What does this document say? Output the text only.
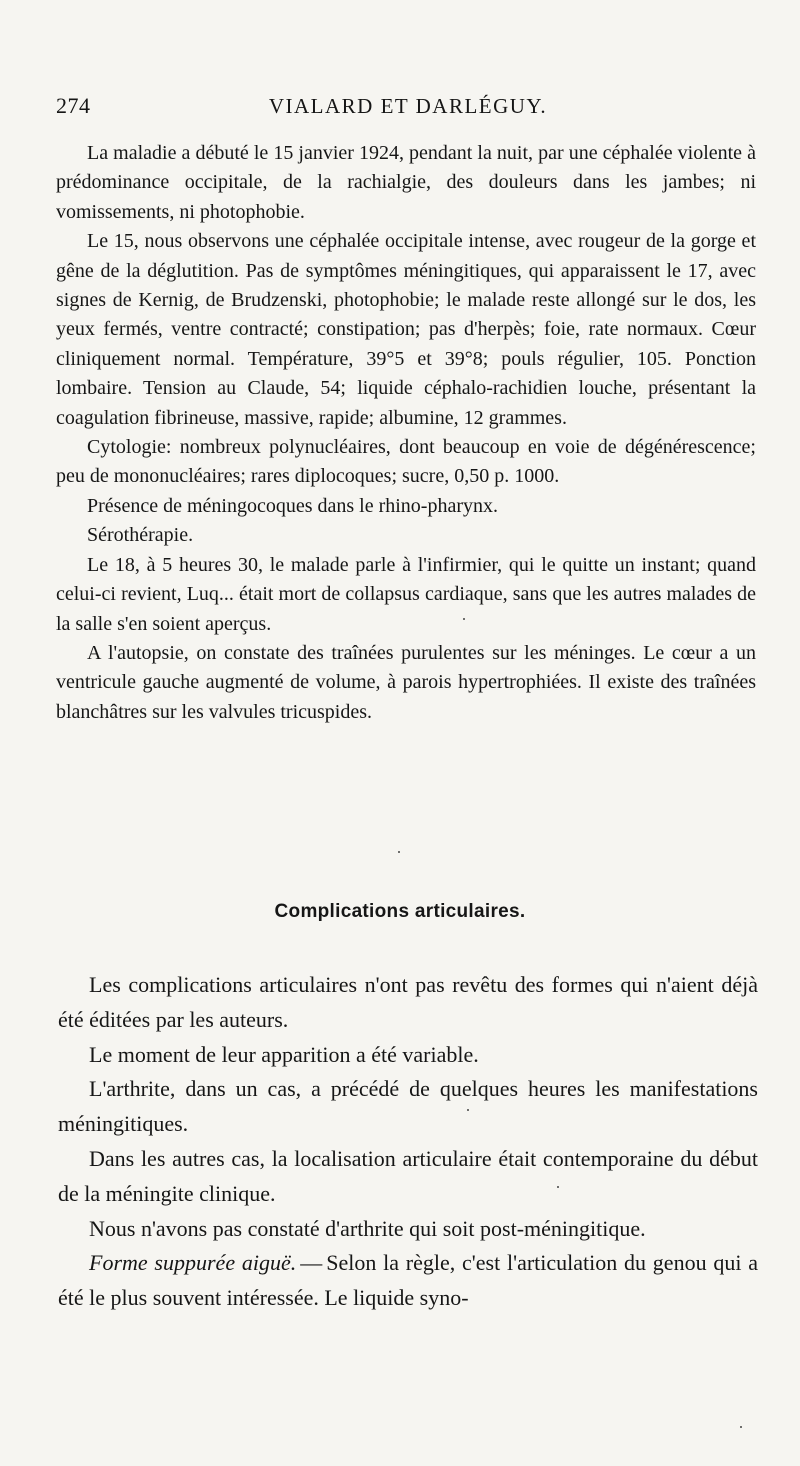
274	VIALARD ET DARLÉGUY.

La maladie a débuté le 15 janvier 1924, pendant la nuit, par une céphalée violente à prédominance occipitale, de la rachialgie, des douleurs dans les jambes; ni vomissements, ni photophobie.

Le 15, nous observons une céphalée occipitale intense, avec rougeur de la gorge et gêne de la déglutition. Pas de symptômes méningitiques, qui apparaissent le 17, avec signes de Kernig, de Brudzenski, photophobie; le malade reste allongé sur le dos, les yeux fermés, ventre contracté; constipation; pas d'herpès; foie, rate normaux. Cœur cliniquement normal. Température, 39°5 et 39°8; pouls régulier, 105. Ponction lombaire. Tension au Claude, 54; liquide céphalo-rachidien louche, présentant la coagulation fibrineuse, massive, rapide; albumine, 12 grammes.

Cytologie: nombreux polynucléaires, dont beaucoup en voie de dégénérescence; peu de mononucléaires; rares diplocoques; sucre, 0,50 p. 1000.

Présence de méningocoques dans le rhino-pharynx.

Sérothérapie.

Le 18, à 5 heures 30, le malade parle à l'infirmier, qui le quitte un instant; quand celui-ci revient, Luq... était mort de collapsus cardiaque, sans que les autres malades de la salle s'en soient aperçus.

A l'autopsie, on constate des traînées purulentes sur les méninges. Le cœur a un ventricule gauche augmenté de volume, à parois hypertrophiées. Il existe des traînées blanchâtres sur les valvules tricuspides.

Complications articulaires.

Les complications articulaires n'ont pas revêtu des formes qui n'aient déjà été éditées par les auteurs.

Le moment de leur apparition a été variable.

L'arthrite, dans un cas, a précédé de quelques heures les manifestations méningitiques.

Dans les autres cas, la localisation articulaire était contemporaine du début de la méningite clinique.

Nous n'avons pas constaté d'arthrite qui soit post-méningitique.

Forme suppurée aiguë. — Selon la règle, c'est l'articulation du genou qui a été le plus souvent intéressée. Le liquide syno-
